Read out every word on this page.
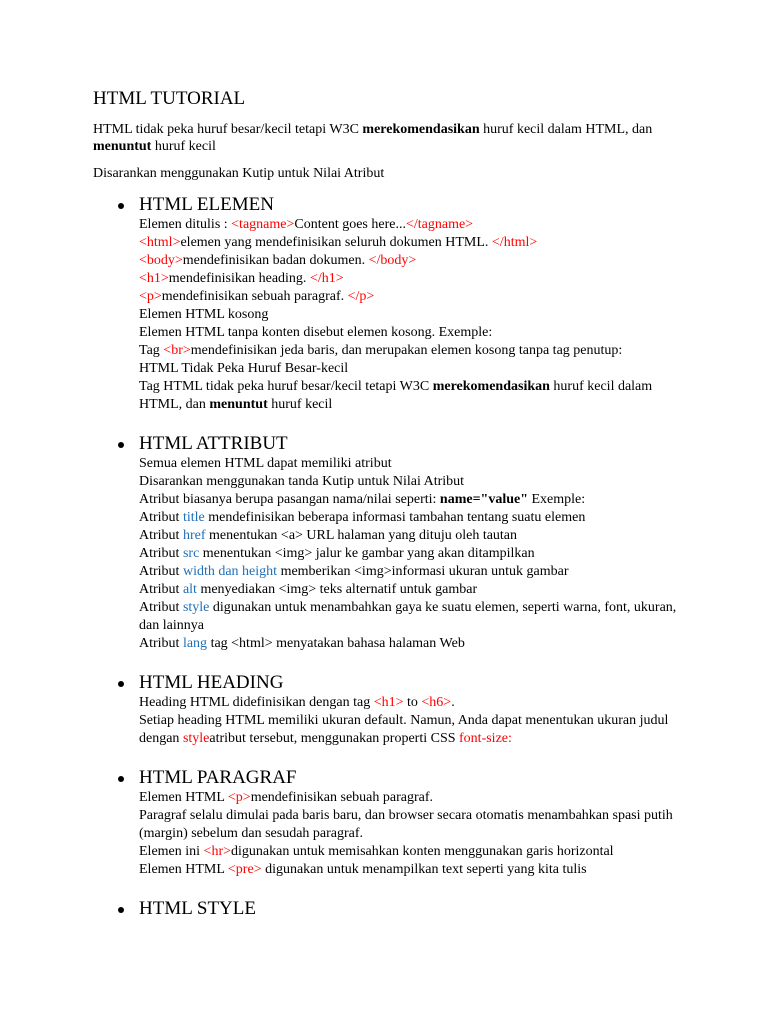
HTML TUTORIAL

HTML tidak peka huruf besar/kecil tetapi W3C merekomendasikan huruf kecil dalam HTML, dan menuntut huruf kecil

Disarankan menggunakan Kutip untuk Nilai Atribut

HTML ELEMEN
Elemen ditulis : <tagname>Content goes here...</tagname>
<html>elemen yang mendefinisikan seluruh dokumen HTML. </html>
<body>mendefinisikan badan dokumen. </body>
<h1>mendefinisikan heading. </h1>
<p>mendefinisikan sebuah paragraf. </p>
Elemen HTML kosong
Elemen HTML tanpa konten disebut elemen kosong. Exemple:
Tag <br>mendefinisikan jeda baris, dan merupakan elemen kosong tanpa tag penutup:
HTML Tidak Peka Huruf Besar-kecil
Tag HTML tidak peka huruf besar/kecil tetapi W3C merekomendasikan huruf kecil dalam HTML, dan menuntut huruf kecil
HTML ATTRIBUT
Semua elemen HTML dapat memiliki atribut
Disarankan menggunakan tanda Kutip untuk Nilai Atribut
Atribut biasanya berupa pasangan nama/nilai seperti: name="value" Exemple:
Atribut title mendefinisikan beberapa informasi tambahan tentang suatu elemen
Atribut href menentukan <a> URL halaman yang dituju oleh tautan
Atribut src menentukan <img> jalur ke gambar yang akan ditampilkan
Atribut width dan height memberikan <img>informasi ukuran untuk gambar
Atribut alt menyediakan <img> teks alternatif untuk gambar
Atribut style digunakan untuk menambahkan gaya ke suatu elemen, seperti warna, font, ukuran, dan lainnya
Atribut lang tag <html> menyatakan bahasa halaman Web
HTML HEADING
Heading HTML didefinisikan dengan tag <h1> to <h6>.
Setiap heading HTML memiliki ukuran default. Namun, Anda dapat menentukan ukuran judul dengan styleatribut tersebut, menggunakan properti CSS font-size:
HTML PARAGRAF
Elemen HTML <p>mendefinisikan sebuah paragraf.
Paragraf selalu dimulai pada baris baru, dan browser secara otomatis menambahkan spasi putih (margin) sebelum dan sesudah paragraf.
Elemen ini <hr>digunakan untuk memisahkan konten menggunakan garis horizontal
Elemen HTML <pre> digunakan untuk menampilkan text seperti yang kita tulis
HTML STYLE
